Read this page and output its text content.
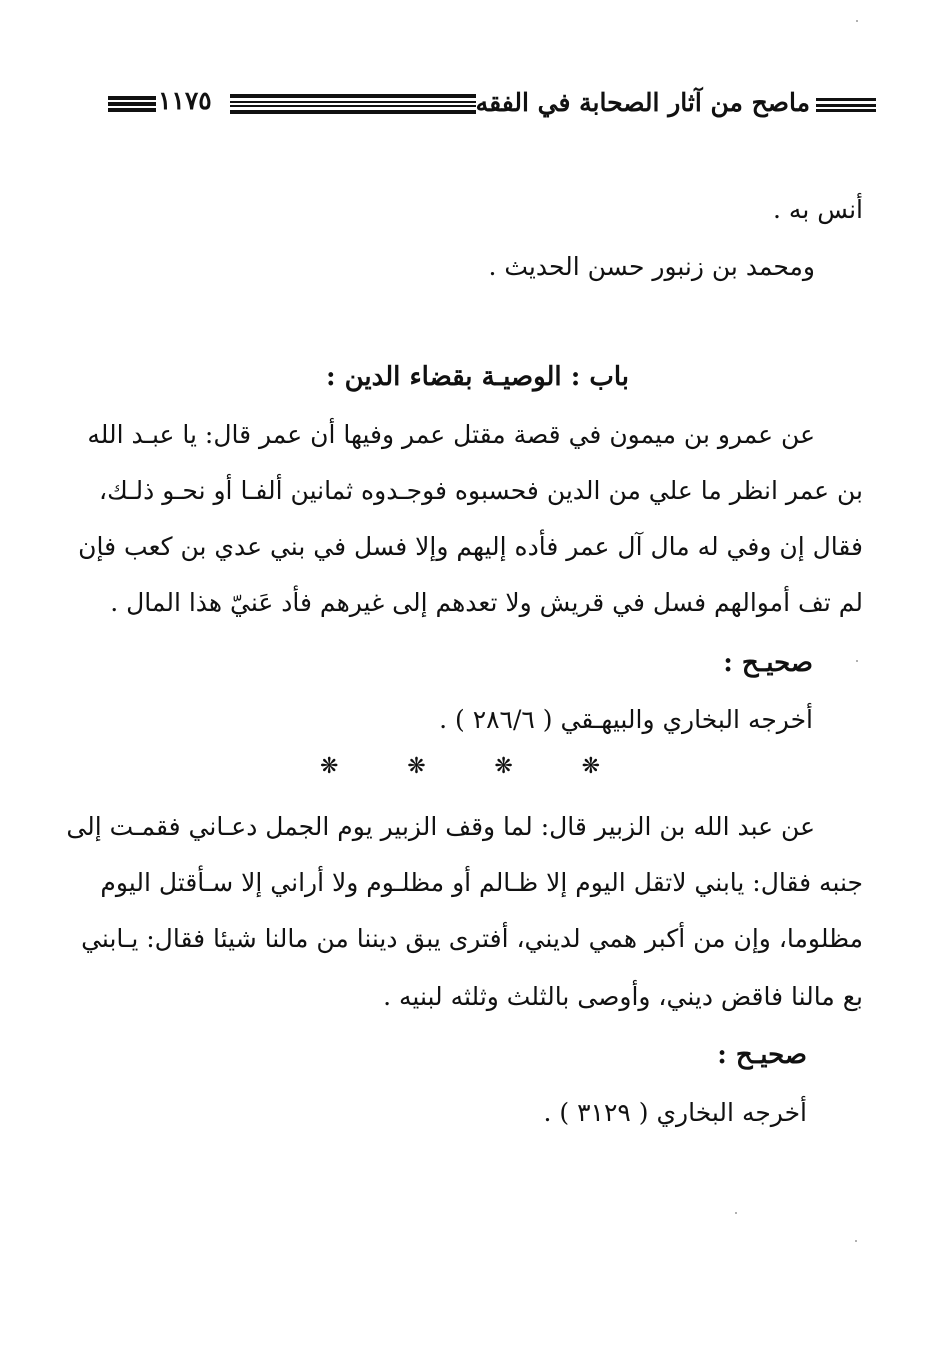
ماصح من آثار الصحابة في الفقه
١١٧٥
أنس به .
ومحمد بن زنبور حسن الحديث .
باب : الوصيـة بقضاء الدين :
عن عمرو بن ميمون في قصة مقتل عمر وفيها أن عمر قال: يا عبـد الله
بن عمر انظر ما علي من الدين فحسبوه فوجـدوه ثمانين ألفـا أو نحـو ذلـك،
فقال إن وفي له مال آل عمر فأده إليهم وإلا فسل في بني عدي بن كعب فإن
لم تف أموالهم فسل في قريش ولا تعدهم إلى غيرهم فأد عَنيّ هذا المال .
صحيـح :
أخرجه البخاري والبيهـقي ( ٢٨٦/٦ ) .
❋	❋	❋	❋
عن عبد الله بن الزبير قال: لما وقف الزبير يوم الجمل دعـاني فقمـت إلى
جنبه فقال: يابني لاتقل اليوم إلا ظـالم أو مظلـوم ولا أراني إلا سـأقتل اليوم
مظلوما، وإن من أكبر همي لديني، أفترى يبق ديننا من مالنا شيئا فقال: يـابني
بع مالنا فاقض ديني، وأوصى بالثلث وثلثه لبنيه .
صحيـح :
أخرجه البخاري ( ٣١٢٩ ) .
